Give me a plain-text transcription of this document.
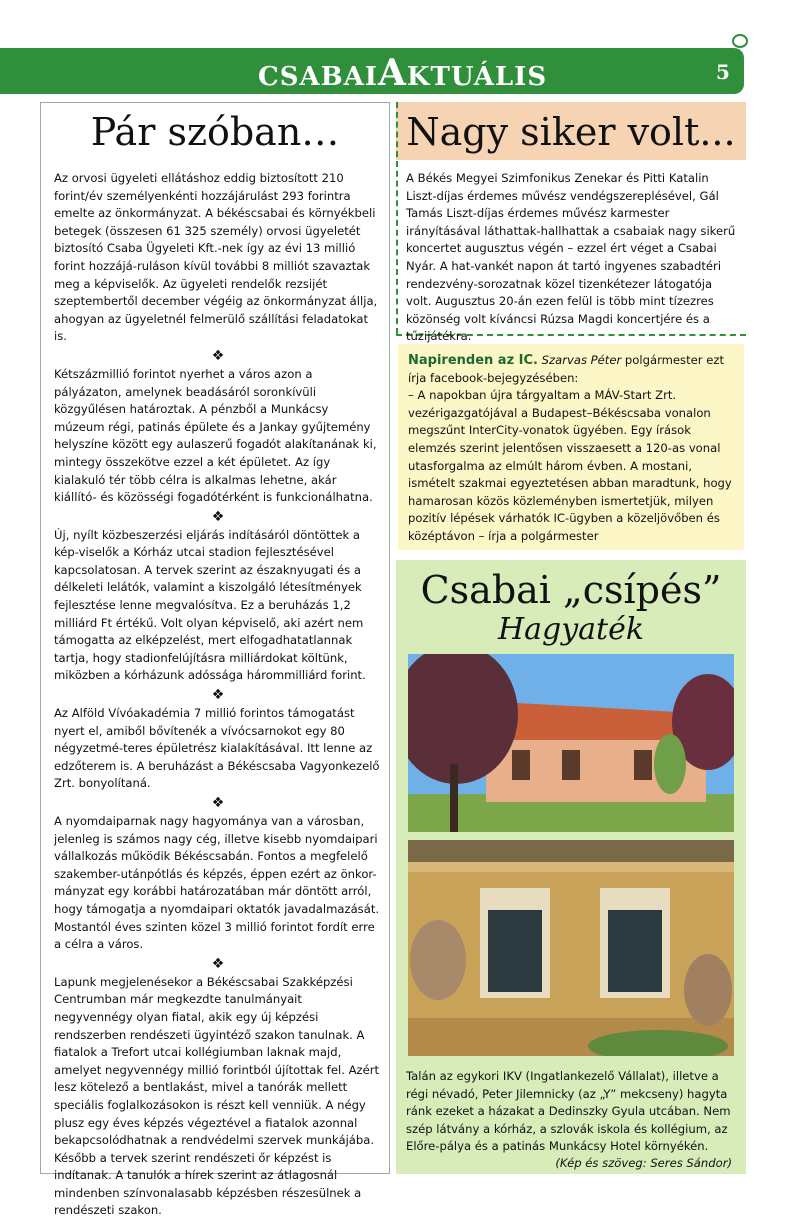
CSABAIAKTUÁLIS	5
Pár szóban…

Az orvosi ügyeleti ellátáshoz eddig biztosított 210 forint/év személyenkénti hozzájárulást 293 forintra emelte az önkormányzat. A békéscsabai és környékbeli betegek (összesen 61 325 személy) orvosi ügyeletét biztosító Csaba Ügyeleti Kft.-nek így az évi 13 millió forint hozzájá-ruláson kívül további 8 milliót szavaztak meg a képviselők. Az ügyeleti rendelők rezsijét szeptembertől december végéig az önkormányzat állja, ahogyan az ügyeletnél felmerülő szállítási feladatokat is.

❖

Kétszázmillió forintot nyerhet a város azon a pályázaton, amelynek beadásáról soronkívüli közgyűlésen határoztak. A pénzből a Munkácsy múzeum régi, patinás épülete és a Jankay gyűjtemény helyszíne között egy aulaszerű fogadót alakítanának ki, mintegy összekötve ezzel a két épületet. Az így kialakuló tér több célra is alkalmas lehetne, akár kiállító- és közösségi fogadótérként is funkcionálhatna.

❖

Új, nyílt közbeszerzési eljárás indításáról döntöttek a kép-viselők a Kórház utcai stadion fejlesztésével kapcsolatosan. A tervek szerint az északnyugati és a délkeleti lelátók, valamint a kiszolgáló létesítmények fejlesztése lenne megvalósítva. Ez a beruházás 1,2 milliárd Ft értékű. Volt olyan képviselő, aki azért nem támogatta az elképzelést, mert elfogadhatatlannak tartja, hogy stadionfelújításra milliárdokat költünk, miközben a kórházunk adóssága hárommilliárd forint.

❖

Az Alföld Vívóakadémia 7 millió forintos támogatást nyert el, amiből bővítenék a vívócsarnokot egy 80 négyzetmé-teres épületrész kialakításával. Itt lenne az edzőterem is. A beruházást a Békéscsaba Vagyonkezelő Zrt. bonyolítaná.

❖

A nyomdaiparnak nagy hagyománya van a városban, jelenleg is számos nagy cég, illetve kisebb nyomdaipari vállalkozás működik Békéscsabán. Fontos a megfelelő szakember-utánpótlás és képzés, éppen ezért az önkor-mányzat egy korábbi határozatában már döntött arról, hogy támogatja a nyomdaipari oktatók javadalmazását. Mostantól éves szinten közel 3 millió forintot fordít erre a célra a város.

❖

Lapunk megjelenésekor a Békéscsabai Szakképzési Centrumban már megkezdte tanulmányait negyvennégy olyan fiatal, akik egy új képzési rendszerben rendészeti ügyintéző szakon tanulnak. A fiatalok a Trefort utcai kollégiumban laknak majd, amelyet negyvennégy millió forintból újítottak fel. Azért lesz kötelező a bentlakást, mivel a tanórák mellett speciális foglalkozásokon is részt kell venniük. A négy plusz egy éves képzés végeztével a fiatalok azonnal bekapcsolódhatnak a rendvédelmi szervek munkájába. Később a tervek szerint rendészeti őr képzést is indítanak. A tanulók a hírek szerint az átlagosnál mindenben színvonalasabb képzésben részesülnek a rendészeti szakon.

Nagy siker volt...
A Békés Megyei Szimfonikus Zenekar és Pitti Katalin Liszt-díjas érdemes művész vendégszereplésével, Gál Tamás Liszt-díjas érdemes művész karmester irányításával láthattak-hallhattak a csabaiak nagy sikerű koncertet augusztus végén – ezzel ért véget a Csabai Nyár. A hat-vankét napon át tartó ingyenes szabadtéri rendezvény-sorozatnak közel tizenkétezer látogatója volt. Augusztus 20-án ezen felül is több mint tízezres közönség volt kíváncsi Rúzsa Magdi koncertjére és a tűzijátékra.
Napirenden az IC. Szarvas Péter polgármester ezt írja facebook-bejegyzésében:
– A napokban újra tárgyaltam a MÁV-Start Zrt. vezérigazgatójával a Budapest–Békéscsaba vonalon megszűnt InterCity-vonatok ügyében. Egy írások elemzés szerint jelentősen visszaesett a 120-as vonal utasforgalma az elmúlt három évben. A mostani, ismételt szakmai egyeztetésen abban maradtunk, hogy hamarosan közös közleményben ismertetjük, milyen pozitív lépések várhatók IC-ügyben a közeljövőben és középtávon – írja a polgármester
Csabai „csípés”
Hagyaték
Talán az egykori IKV (Ingatlankezelő Vállalat), illetve a régi névadó, Peter Jilemnicky (az „Y” mekcseny) hagyta ránk ezeket a házakat a Dedinszky Gyula utcában. Nem szép látvány a kórház, a szlovák iskola és kollégium, az Előre-pálya és a patinás Munkácsy Hotel környékén.
(Kép és szöveg: Seres Sándor)
